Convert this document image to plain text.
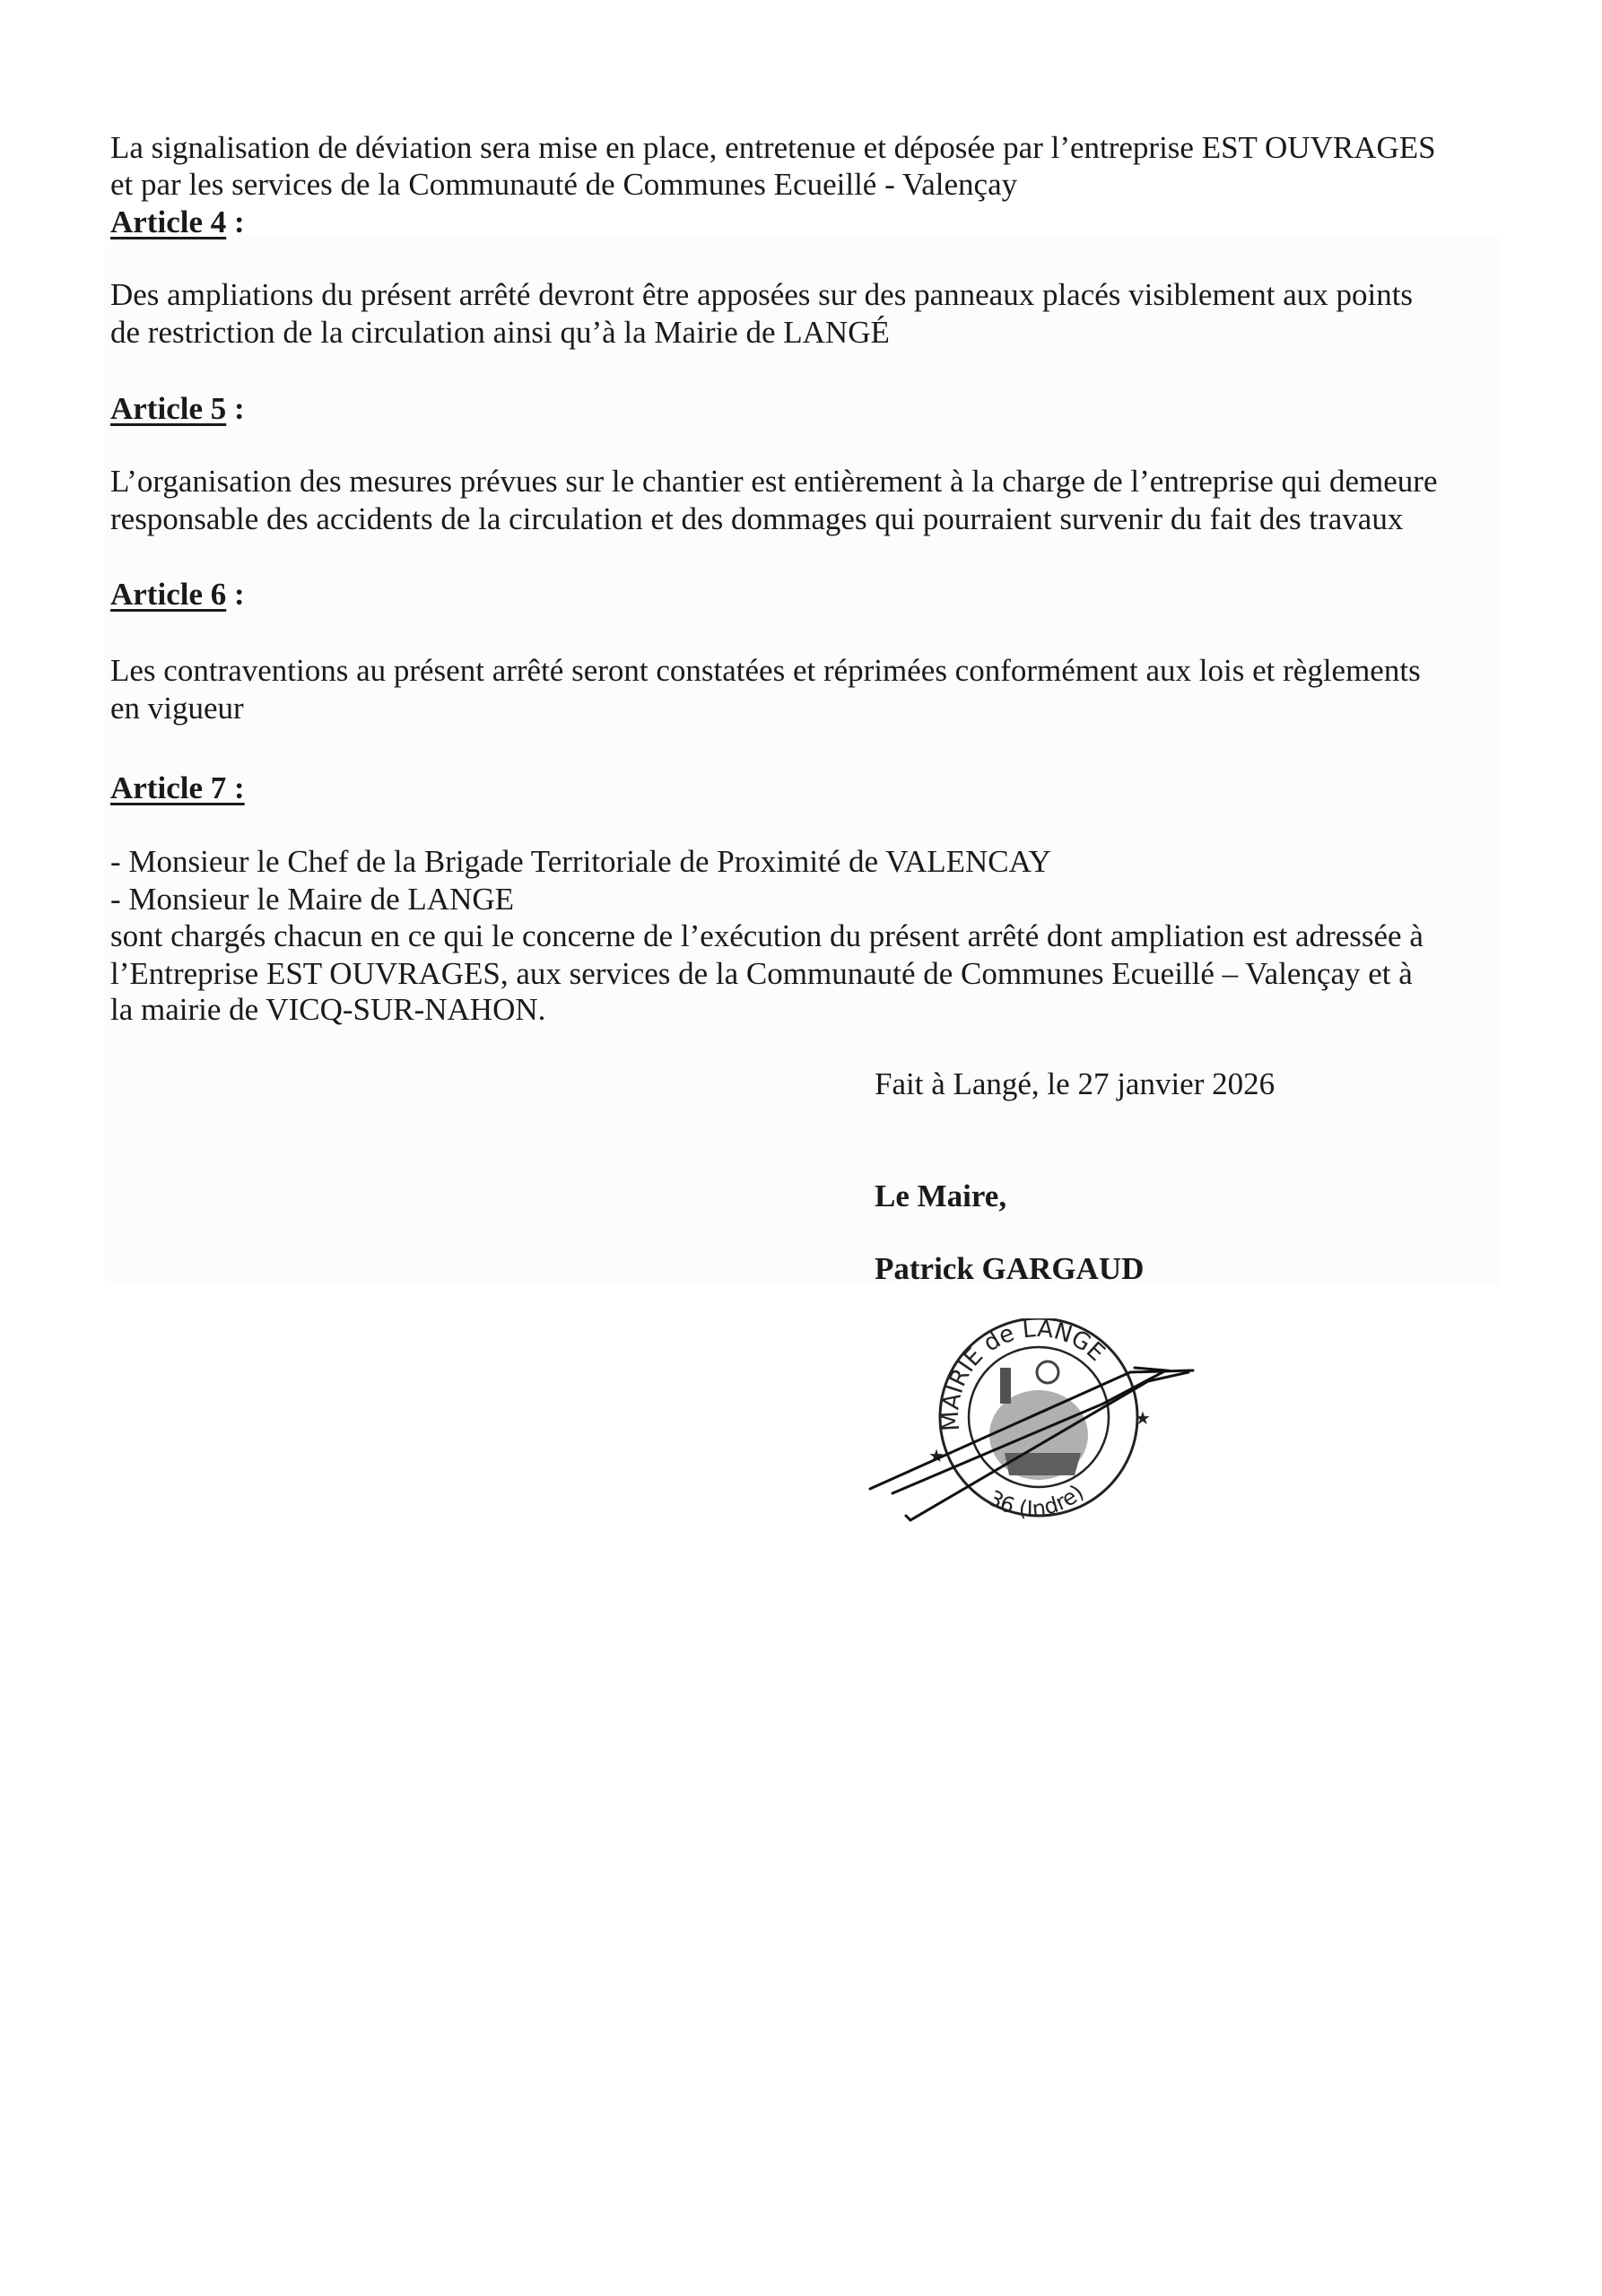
La signalisation de déviation sera mise en place, entretenue et déposée par l’entreprise EST OUVRAGES
et par les services de la Communauté de Communes Ecueillé - Valençay
Article 4 :
Des ampliations du présent arrêté devront être apposées sur des panneaux placés visiblement aux points
de restriction de la circulation ainsi qu’à la Mairie de LANGÉ
Article 5 :
L’organisation des mesures prévues sur le chantier est entièrement à la charge de l’entreprise qui demeure
responsable des accidents de la circulation et des dommages qui pourraient survenir du fait des travaux
Article 6 :
Les contraventions au présent arrêté seront constatées et réprimées conformément aux lois et règlements
en vigueur
Article 7 :
- Monsieur le Chef de la Brigade Territoriale de Proximité de VALENCAY
- Monsieur le Maire de LANGE
sont chargés chacun en ce qui le concerne de l’exécution du présent arrêté dont ampliation est adressée à
l’Entreprise EST OUVRAGES, aux services de la Communauté de Communes Ecueillé – Valençay et à
la mairie de VICQ-SUR-NAHON.
Fait à Langé, le 27 janvier 2026
Le Maire,
Patrick GARGAUD
MAIRIE de LANGE
36 (Indre)
★
★
